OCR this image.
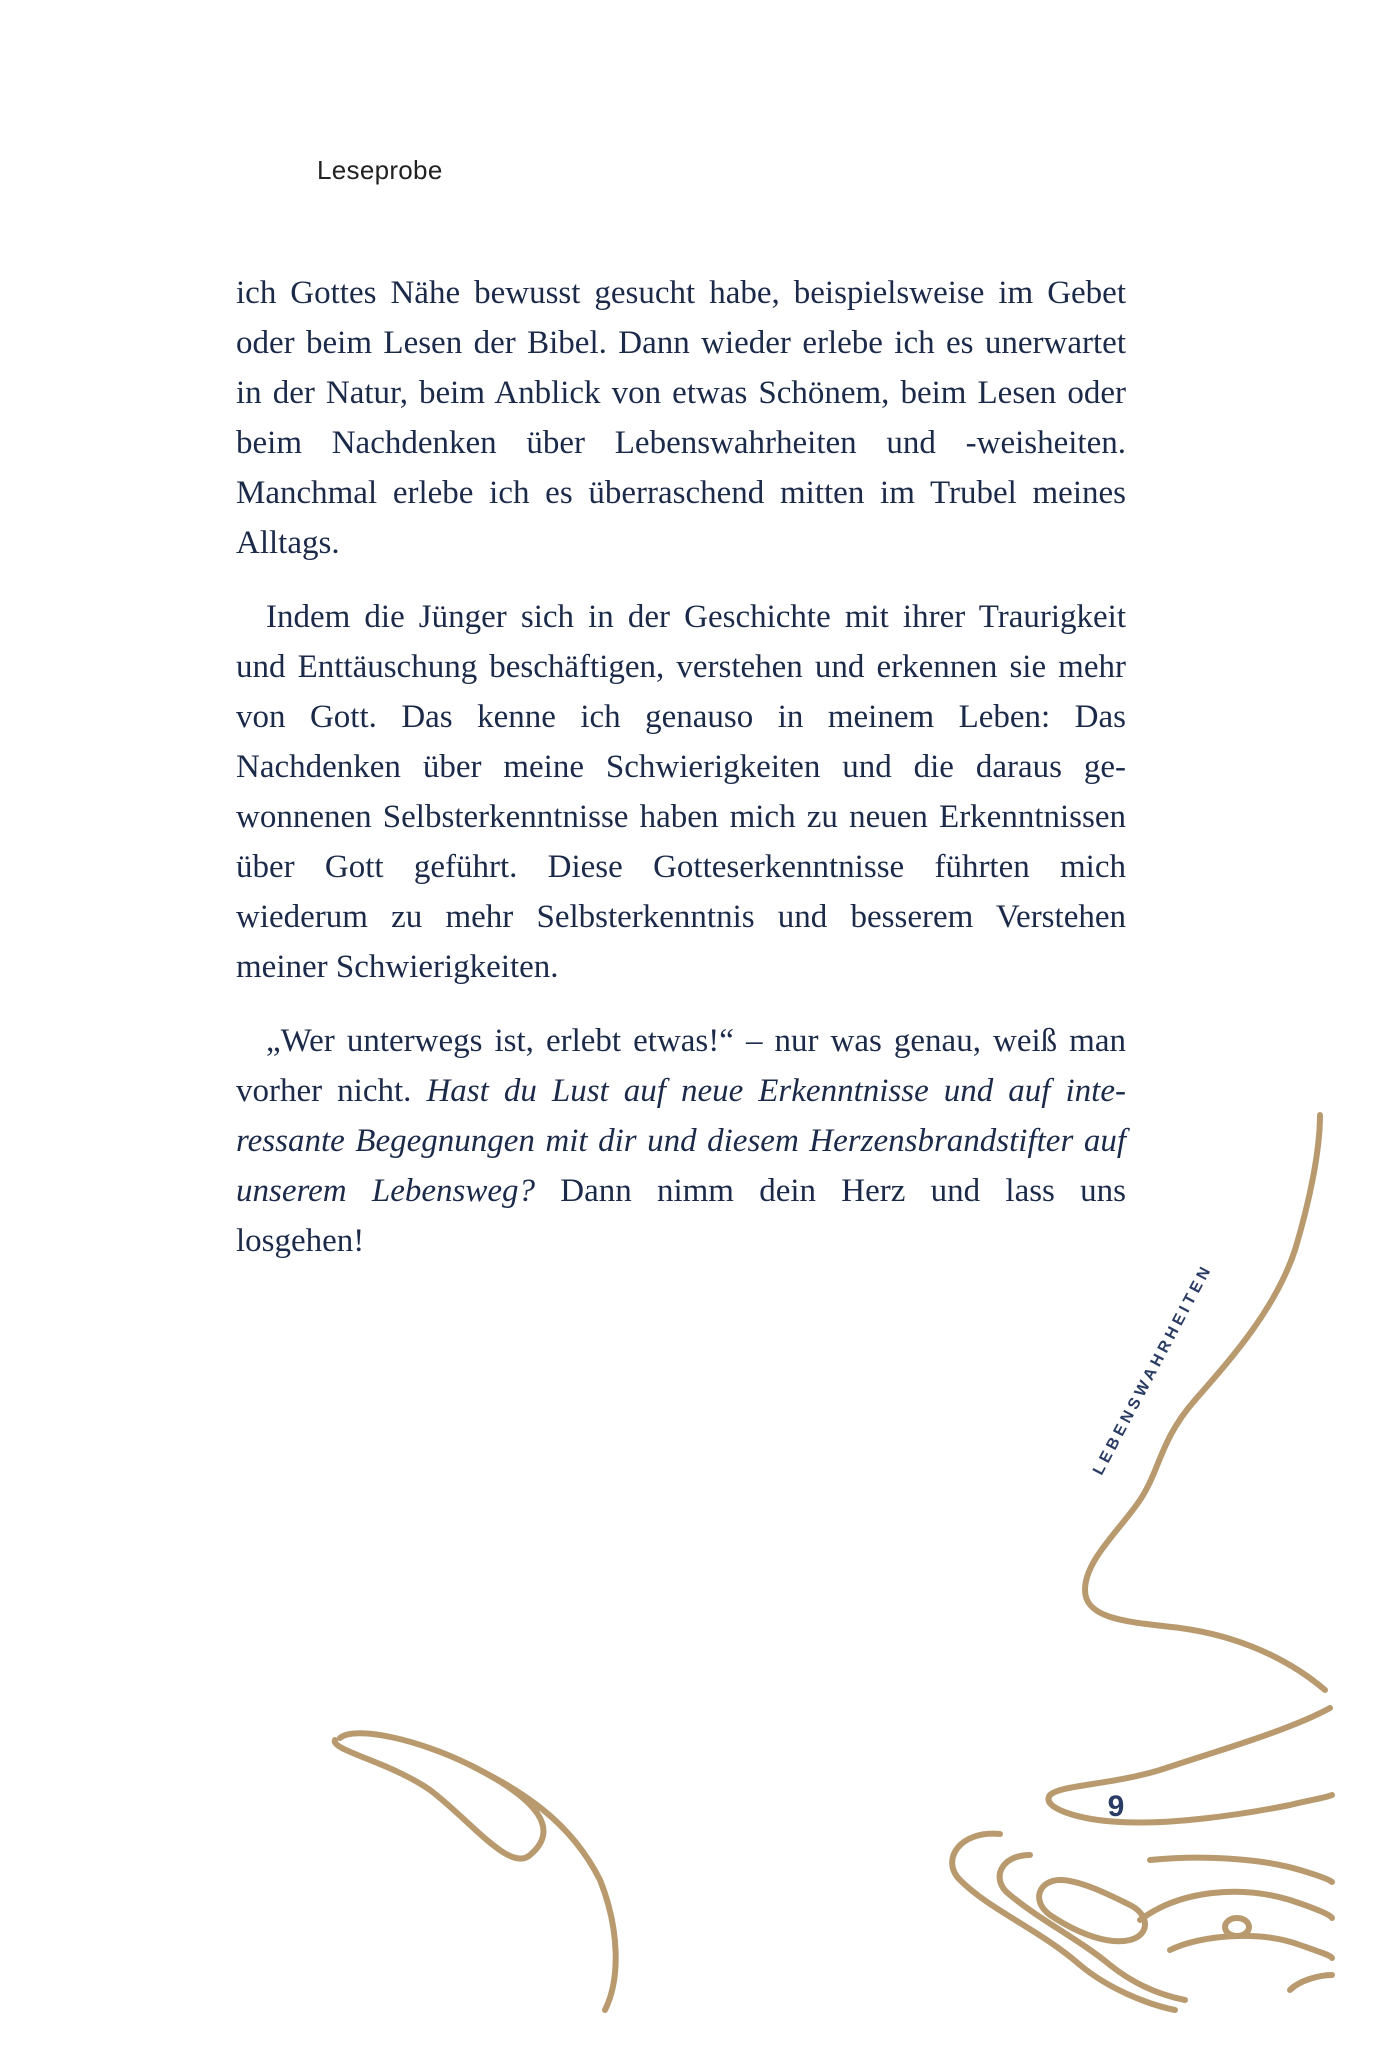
Leseprobe

ich Gottes Nähe bewusst gesucht habe, beispielsweise im Gebet oder beim Lesen der Bibel. Dann wieder erlebe ich es unerwartet in der Natur, beim Anblick von etwas Schönem, beim Lesen oder beim Nachdenken über Lebenswahrheiten und -weisheiten. Manchmal erlebe ich es überraschend mitten im Trubel meines Alltags.

Indem die Jünger sich in der Geschichte mit ihrer Traurigkeit und Enttäuschung beschäftigen, verstehen und erkennen sie mehr von Gott. Das kenne ich genauso in meinem Leben: Das Nachdenken über meine Schwierigkeiten und die daraus gewonnenen Selbsterkenntnisse haben mich zu neuen Erkenntnissen über Gott geführt. Diese Gotteserkenntnisse führten mich wiederum zu mehr Selbsterkenntnis und besserem Verstehen meiner Schwierigkeiten.

„Wer unterwegs ist, erlebt etwas!“ – nur was genau, weiß man vorher nicht. Hast du Lust auf neue Erkenntnisse und auf interessante Begegnungen mit dir und diesem Herzensbrandstifter auf unserem Lebensweg? Dann nimm dein Herz und lass uns losgehen!

LEBENSWAHRHEITEN
9
